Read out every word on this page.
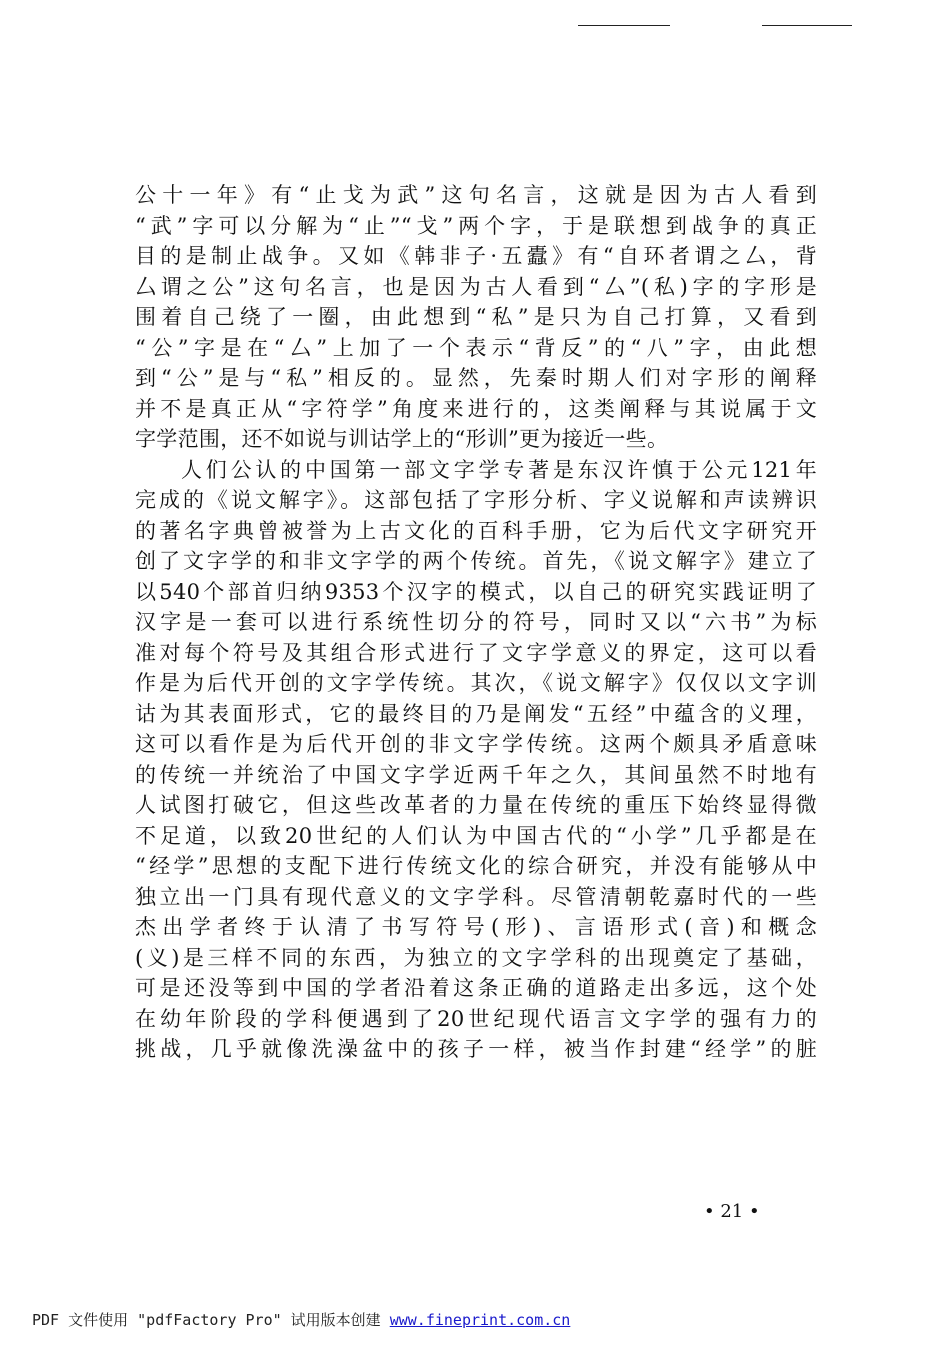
公十一年》有“止戈为武”这句名言，这就是因为古人看到
“武”字可以分解为“止”“戈”两个字，于是联想到战争的真正
目的是制止战争。又如《韩非子·五蠹》有“自环者谓之厶，背
厶谓之公”这句名言，也是因为古人看到“厶”(私)字的字形是
围着自己绕了一圈，由此想到“私”是只为自己打算，又看到
“公”字是在“厶”上加了一个表示“背反”的“八”字，由此想
到“公”是与“私”相反的。显然，先秦时期人们对字形的阐释
并不是真正从“字符学”角度来进行的，这类阐释与其说属于文
字学范围，还不如说与训诂学上的“形训”更为接近一些。
人们公认的中国第一部文字学专著是东汉许慎于公元121年
完成的《说文解字》。这部包括了字形分析、字义说解和声读辨识
的著名字典曾被誉为上古文化的百科手册，它为后代文字研究开
创了文字学的和非文字学的两个传统。首先，《说文解字》建立了
以540个部首归纳9353个汉字的模式，以自己的研究实践证明了
汉字是一套可以进行系统性切分的符号，同时又以“六书”为标
准对每个符号及其组合形式进行了文字学意义的界定，这可以看
作是为后代开创的文字学传统。其次，《说文解字》仅仅以文字训
诂为其表面形式，它的最终目的乃是阐发“五经”中蕴含的义理，
这可以看作是为后代开创的非文字学传统。这两个颇具矛盾意味
的传统一并统治了中国文字学近两千年之久，其间虽然不时地有
人试图打破它，但这些改革者的力量在传统的重压下始终显得微
不足道，以致20世纪的人们认为中国古代的“小学”几乎都是在
“经学”思想的支配下进行传统文化的综合研究，并没有能够从中
独立出一门具有现代意义的文字学科。尽管清朝乾嘉时代的一些
杰出学者终于认清了书写符号(形)、言语形式(音)和概念
(义)是三样不同的东西，为独立的文字学科的出现奠定了基础，
可是还没等到中国的学者沿着这条正确的道路走出多远，这个处
在幼年阶段的学科便遇到了20世纪现代语言文字学的强有力的
挑战，几乎就像洗澡盆中的孩子一样，被当作封建“经学”的脏
• 21 •
PDF 文件使用 "pdfFactory Pro" 试用版本创建 www.fineprint.com.cn
